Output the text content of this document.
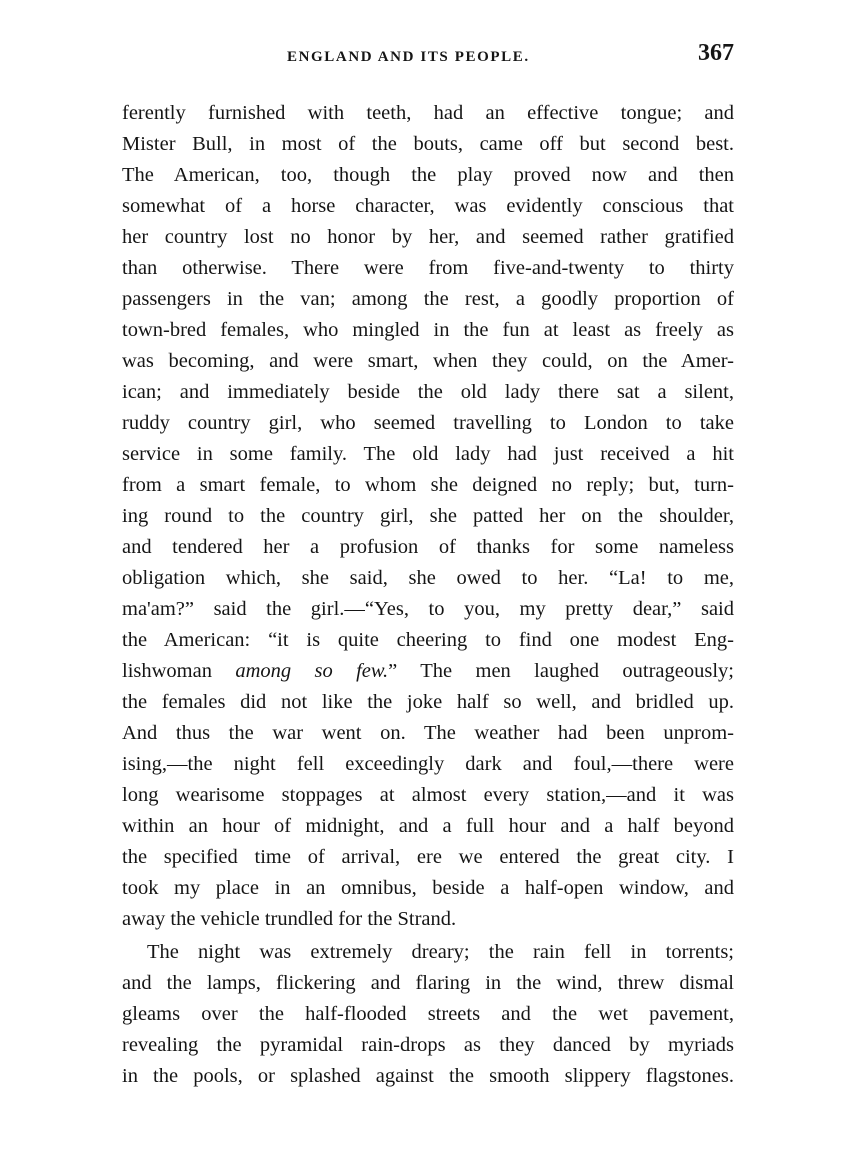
ENGLAND AND ITS PEOPLE.	367
ferently furnished with teeth, had an effective tongue; and
Mister Bull, in most of the bouts, came off but second best.
The American, too, though the play proved now and then
somewhat of a horse character, was evidently conscious that
her country lost no honor by her, and seemed rather gratified
than otherwise. There were from five-and-twenty to thirty
passengers in the van; among the rest, a goodly proportion of
town-bred females, who mingled in the fun at least as freely as
was becoming, and were smart, when they could, on the Amer-
ican; and immediately beside the old lady there sat a silent,
ruddy country girl, who seemed travelling to London to take
service in some family. The old lady had just received a hit
from a smart female, to whom she deigned no reply; but, turn-
ing round to the country girl, she patted her on the shoulder,
and tendered her a profusion of thanks for some nameless
obligation which, she said, she owed to her. “La! to me,
ma'am?” said the girl.—“Yes, to you, my pretty dear,” said
the American: “it is quite cheering to find one modest Eng-
lishwoman among so few.” The men laughed outrageously;
the females did not like the joke half so well, and bridled up.
And thus the war went on. The weather had been unprom-
ising,—the night fell exceedingly dark and foul,—there were
long wearisome stoppages at almost every station,—and it was
within an hour of midnight, and a full hour and a half beyond
the specified time of arrival, ere we entered the great city. I
took my place in an omnibus, beside a half-open window, and
away the vehicle trundled for the Strand.
The night was extremely dreary; the rain fell in torrents;
and the lamps, flickering and flaring in the wind, threw dismal
gleams over the half-flooded streets and the wet pavement,
revealing the pyramidal rain-drops as they danced by myriads
in the pools, or splashed against the smooth slippery flagstones.
